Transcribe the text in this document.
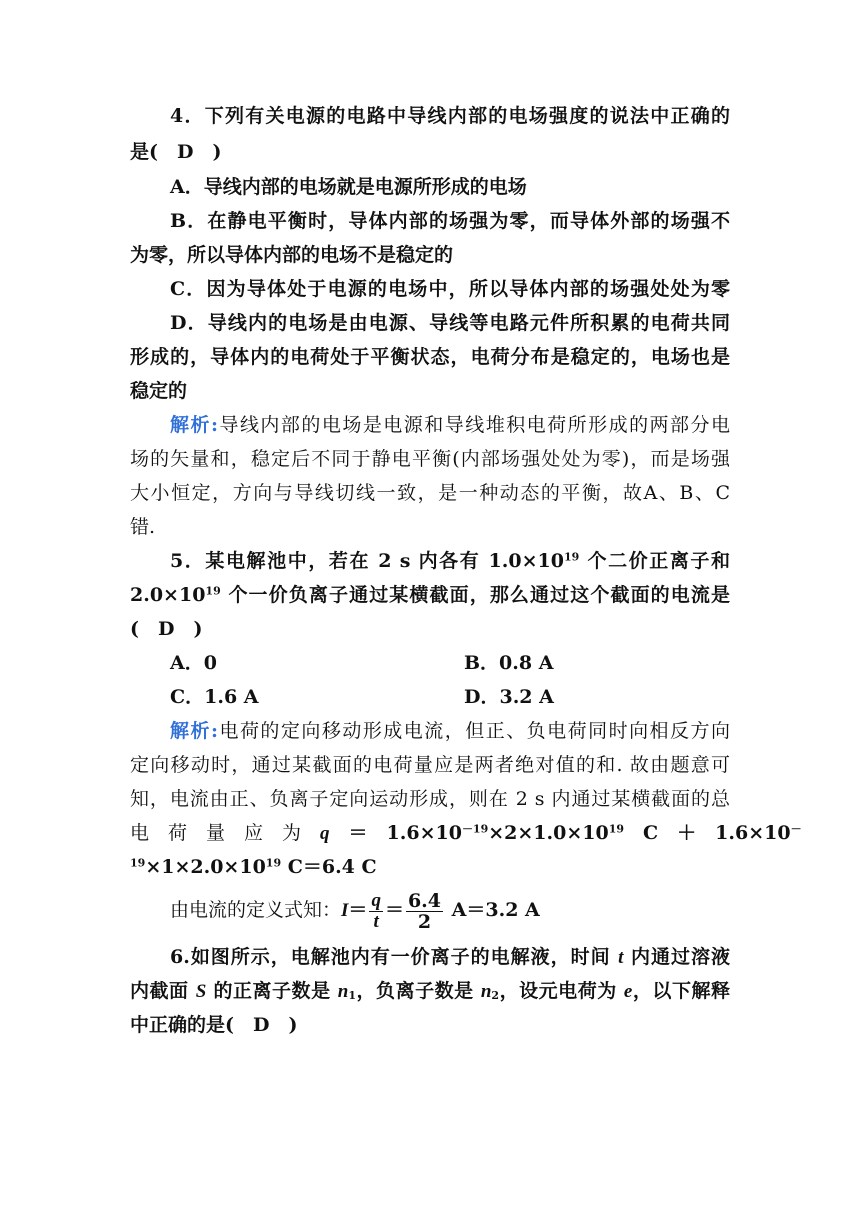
4．下列有关电源的电路中导线内部的电场强度的说法中正确的
是(　D　)
A．导线内部的电场就是电源所形成的电场
B．在静电平衡时，导体内部的场强为零，而导体外部的场强不
为零，所以导体内部的电场不是稳定的
C．因为导体处于电源的电场中，所以导体内部的场强处处为零
D．导线内的电场是由电源、导线等电路元件所积累的电荷共同
形成的，导体内的电荷处于平衡状态，电荷分布是稳定的，电场也是
稳定的
解析:导线内部的电场是电源和导线堆积电荷所形成的两部分电
场的矢量和，稳定后不同于静电平衡(内部场强处处为零)，而是场强
大小恒定，方向与导线切线一致，是一种动态的平衡，故A、B、C
错.
5．某电解池中，若在 2 s 内各有 $1.0\times 10^{19}$ 个二价正离子和
$2.0\times 10^{19}$ 个一价负离子通过某横截面，那么通过这个截面的电流是
(　D　)
A．0	B．0.8 A
C．1.6 A	D．3.2 A
解析:电荷的定向移动形成电流，但正、负电荷同时向相反方向
定向移动时，通过某截面的电荷量应是两者绝对值的和. 故由题意可
知，电流由正、负离子定向运动形成，则在 2 s 内通过某横截面的总
电　荷　量　应　为　q　＝　$1.6\times 10^{-19}\times 2\times 1.0\times 10^{19}$　C　＋　1.6×10－
$^{19}\times 1\times 2.0\times 10^{19}$ C＝6.4 C
由电流的定义式知：$I= \frac{q}{t} = \frac{6.4}{2} A=3.2$ A
6.如图所示，电解池内有一价离子的电解液，时间 t 内通过溶液
内截面 S 的正离子数是 $n_1$，负离子数是 $n_2$，设元电荷为 e，以下解释
中正确的是(　D　)
